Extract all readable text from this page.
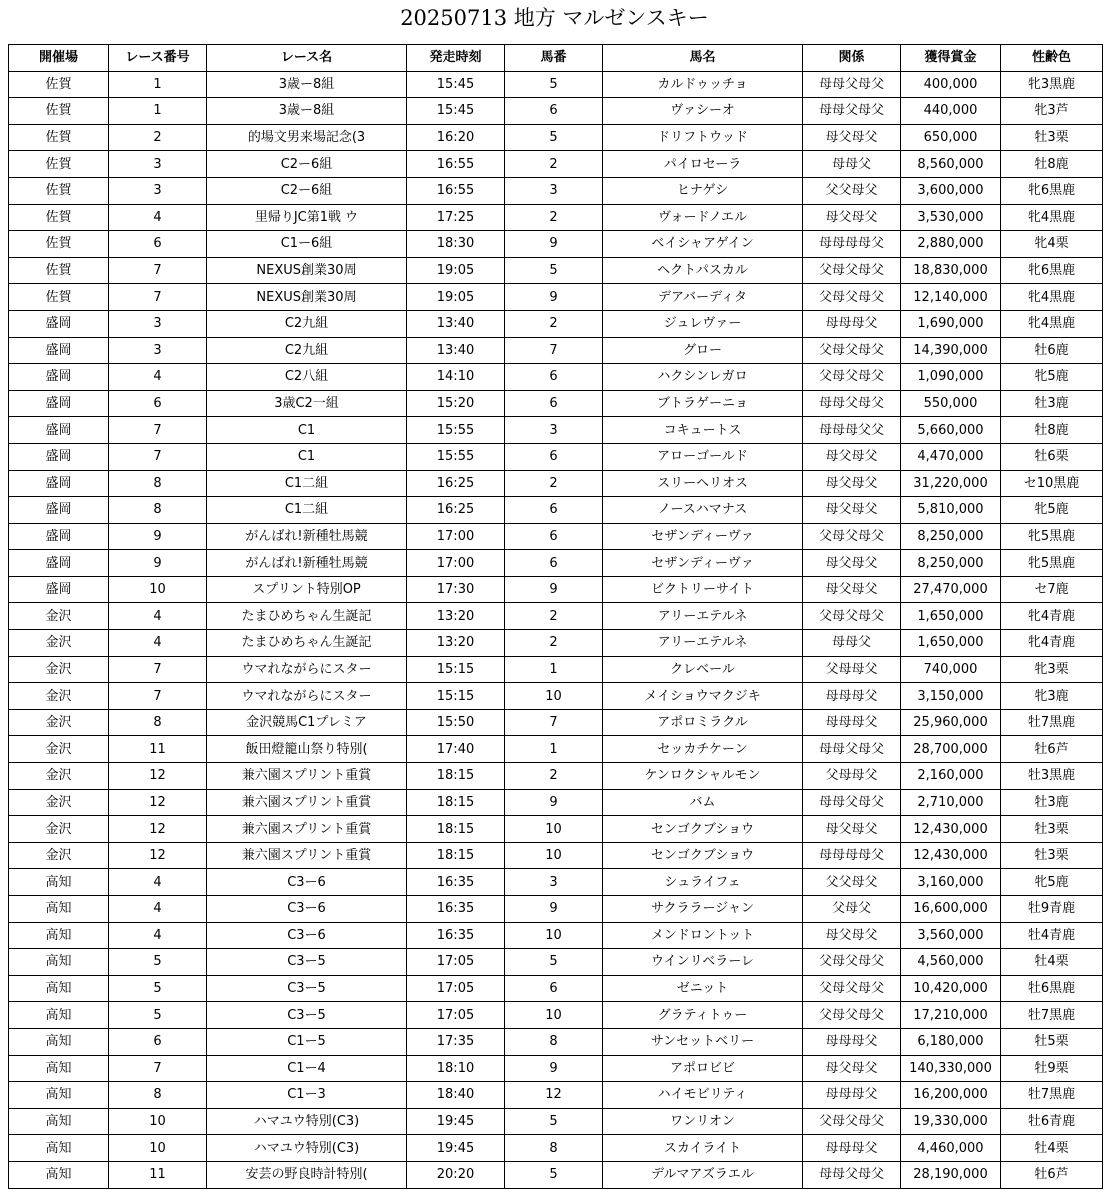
20250713 地方 マルゼンスキー
開催場	レース番号	レース名	発走時刻	馬番	馬名	関係	獲得賞金	性齢色
佐賀	1	3歳ー8組	15:45	5	カルドゥッチョ	母母父母父	400,000	牝3黒鹿
佐賀	1	3歳ー8組	15:45	6	ヴァシーオ	母母父母父	440,000	牝3芦
佐賀	2	的場文男来場記念(3	16:20	5	ドリフトウッド	母父母父	650,000	牡3栗
佐賀	3	C2ー6組	16:55	2	パイロセーラ	母母父	8,560,000	牡8鹿
佐賀	3	C2ー6組	16:55	3	ヒナゲシ	父父母父	3,600,000	牝6黒鹿
佐賀	4	里帰りJC第1戦 ウ	17:25	2	ヴォードノエル	母父母父	3,530,000	牝4黒鹿
佐賀	6	C1ー6組	18:30	9	ベイシャアゲイン	母母母母父	2,880,000	牝4栗
佐賀	7	NEXUS創業30周	19:05	5	ヘクトパスカル	父母父母父	18,830,000	牝6黒鹿
佐賀	7	NEXUS創業30周	19:05	9	デアバーディタ	父母父母父	12,140,000	牝4黒鹿
盛岡	3	C2九組	13:40	2	ジュレヴァー	母母母父	1,690,000	牝4黒鹿
盛岡	3	C2九組	13:40	7	グロー	父母父母父	14,390,000	牡6鹿
盛岡	4	C2八組	14:10	6	ハクシンレガロ	父母父母父	1,090,000	牝5鹿
盛岡	6	3歳C2一組	15:20	6	ブトラゲーニョ	母母父母父	550,000	牡3鹿
盛岡	7	C1	15:55	3	コキュートス	母母母父父	5,660,000	牡8鹿
盛岡	7	C1	15:55	6	アローゴールド	母父母父	4,470,000	牡6栗
盛岡	8	C1二組	16:25	2	スリーヘリオス	母父母父	31,220,000	セ10黒鹿
盛岡	8	C1二組	16:25	6	ノースハマナス	母父母父	5,810,000	牝5鹿
盛岡	9	がんばれ!新種牡馬競	17:00	6	セザンディーヴァ	父母父母父	8,250,000	牝5黒鹿
盛岡	9	がんばれ!新種牡馬競	17:00	6	セザンディーヴァ	母父母父	8,250,000	牝5黒鹿
盛岡	10	スプリント特別OP	17:30	9	ビクトリーサイト	母父母父	27,470,000	セ7鹿
金沢	4	たまひめちゃん生誕記	13:20	2	アリーエテルネ	父母父母父	1,650,000	牝4青鹿
金沢	4	たまひめちゃん生誕記	13:20	2	アリーエテルネ	母母父	1,650,000	牝4青鹿
金沢	7	ウマれながらにスター	15:15	1	クレベール	父母母父	740,000	牝3栗
金沢	7	ウマれながらにスター	15:15	10	メイショウマクジキ	母母母父	3,150,000	牝3鹿
金沢	8	金沢競馬C1プレミア	15:50	7	アポロミラクル	母母母父	25,960,000	牡7黒鹿
金沢	11	飯田燈籠山祭り特別(	17:40	1	セッカチケーン	母母父母父	28,700,000	牡6芦
金沢	12	兼六園スプリント重賞	18:15	2	ケンロクシャルモン	父母母父	2,160,000	牡3黒鹿
金沢	12	兼六園スプリント重賞	18:15	9	バム	母母父母父	2,710,000	牡3鹿
金沢	12	兼六園スプリント重賞	18:15	10	センゴクブショウ	母父母父	12,430,000	牡3栗
金沢	12	兼六園スプリント重賞	18:15	10	センゴクブショウ	母母母母父	12,430,000	牡3栗
高知	4	C3ー6	16:35	3	シュライフェ	父父母父	3,160,000	牝5鹿
高知	4	C3ー6	16:35	9	サクララージャン	父母父	16,600,000	牡9青鹿
高知	4	C3ー6	16:35	10	メンドロントット	母父母父	3,560,000	牡4青鹿
高知	5	C3ー5	17:05	5	ウインリベラーレ	父母父母父	4,560,000	牡4栗
高知	5	C3ー5	17:05	6	ゼニット	父母父母父	10,420,000	牡6黒鹿
高知	5	C3ー5	17:05	10	グラティトゥー	父母父母父	17,210,000	牡7黒鹿
高知	6	C1ー5	17:35	8	サンセットベリー	母母母父	6,180,000	牡5栗
高知	7	C1ー4	18:10	9	アポロビビ	母父母父	140,330,000	牡9栗
高知	8	C1ー3	18:40	12	ハイモビリティ	母母母父	16,200,000	牡7黒鹿
高知	10	ハマユウ特別(C3)	19:45	5	ワンリオン	父母父母父	19,330,000	牡6青鹿
高知	10	ハマユウ特別(C3)	19:45	8	スカイライト	母母母父	4,460,000	牡4栗
高知	11	安芸の野良時計特別(	20:20	5	デルマアズラエル	母母父母父	28,190,000	牡6芦
